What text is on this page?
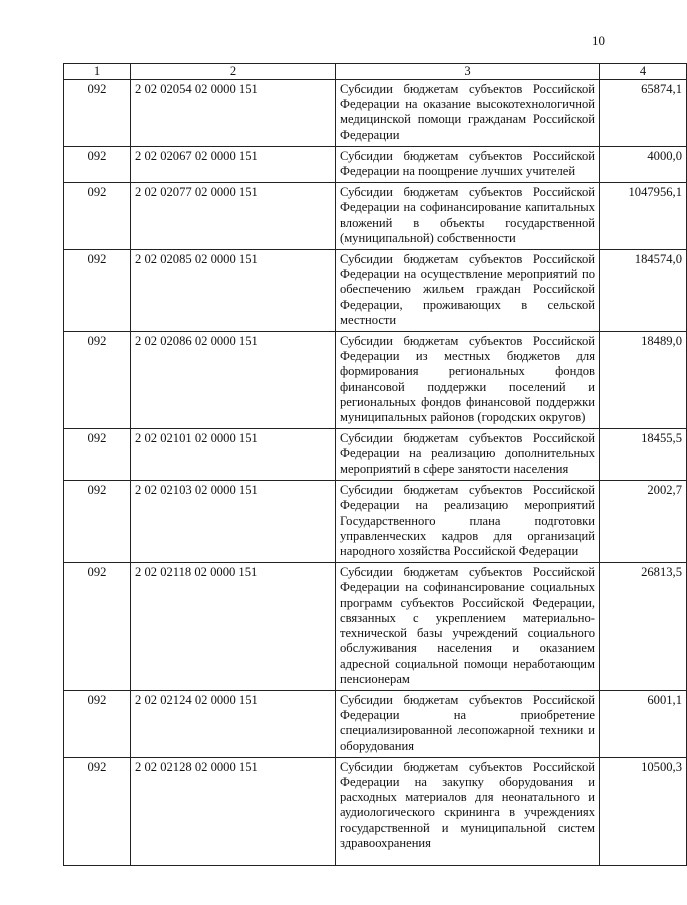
10
1	2	3	4
092	2 02 02054 02 0000 151	Субсидии бюджетам субъектов Российской Федерации на оказание высокотехнологичной медицинской помощи гражданам Российской Федерации	65874,1
092	2 02 02067 02 0000 151	Субсидии бюджетам субъектов Российской Федерации на поощрение лучших учителей	4000,0
092	2 02 02077 02 0000 151	Субсидии бюджетам субъектов Российской Федерации на софинансирование капитальных вложений в объекты государственной (муниципальной) собственности	1047956,1
092	2 02 02085 02 0000 151	Субсидии бюджетам субъектов Российской Федерации на осуществление мероприятий по обеспечению жильем граждан Российской Федерации, проживающих в сельской местности	184574,0
092	2 02 02086 02 0000 151	Субсидии бюджетам субъектов Российской Федерации из местных бюджетов для формирования региональных фондов финансовой поддержки поселений и региональных фондов финансовой поддержки муниципальных районов (городских округов)	18489,0
092	2 02 02101 02 0000 151	Субсидии бюджетам субъектов Российской Федерации на реализацию дополнительных мероприятий в сфере занятости населения	18455,5
092	2 02 02103 02 0000 151	Субсидии бюджетам субъектов Российской Федерации на реализацию мероприятий Государственного плана подготовки управленческих кадров для организаций народного хозяйства Российской Федерации	2002,7
092	2 02 02118 02 0000 151	Субсидии бюджетам субъектов Российской Федерации на софинансирование социальных программ субъектов Российской Федерации, связанных с укреплением материально-технической базы учреждений социального обслуживания населения и оказанием адресной социальной помощи неработающим пенсионерам	26813,5
092	2 02 02124 02 0000 151	Субсидии бюджетам субъектов Российской Федерации на приобретение специализированной лесопожарной техники и оборудования	6001,1
092	2 02 02128 02 0000 151	Субсидии бюджетам субъектов Российской Федерации на закупку оборудования и расходных материалов для неонатального и аудиологического скрининга в учреждениях государственной и муниципальной систем здравоохранения	10500,3
